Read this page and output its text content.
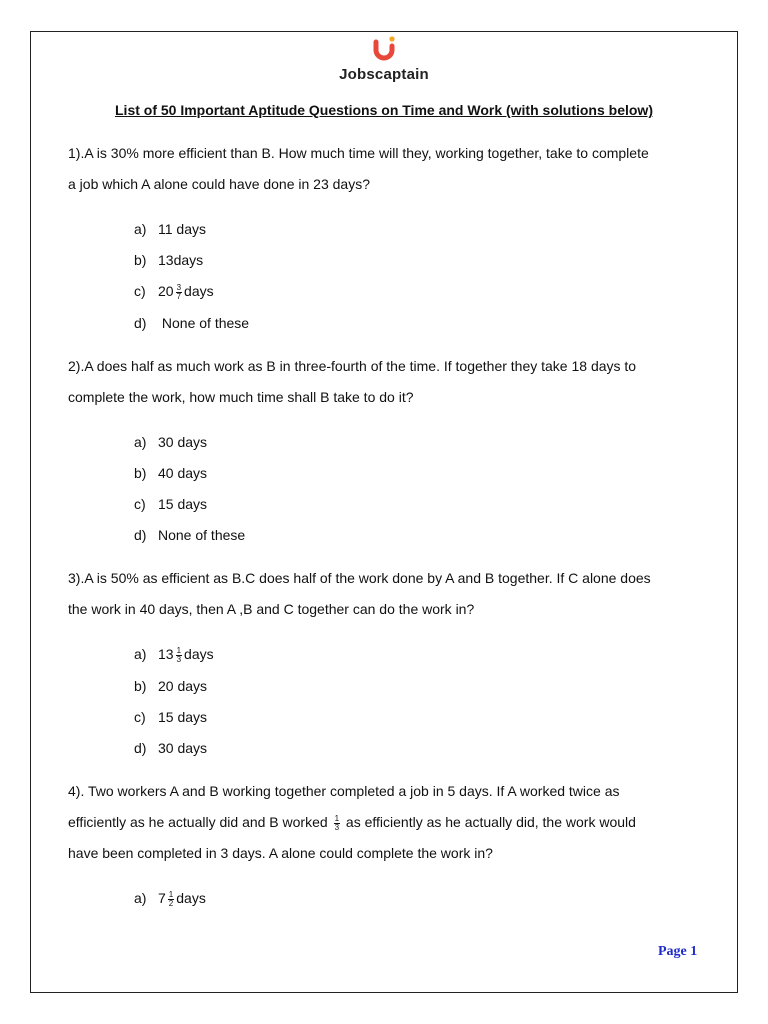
Jobscaptain
List of 50 Important Aptitude Questions on Time and Work (with solutions below)
1).A is 30% more efficient than B. How much time will they, working together, take to complete
a job which A alone could have done in 23 days?
a) 11 days
b) 13days
c) $20 \frac{3}{7}$ days
d) None of these
2).A does half as much work as B in three-fourth of the time. If together they take 18 days to
complete the work, how much time shall B take to do it?
a) 30 days
b) 40 days
c) 15 days
d) None of these
3).A is 50% as efficient as B.C does half of the work done by A and B together. If C alone does
the work in 40 days, then A ,B and C together can do the work in?
a) $13 \frac{1}{3}$ days
b) 20 days
c) 15 days
d) 30 days
4). Two workers A and B working together completed a job in 5 days. If A worked twice as
efficiently as he actually did and B worked $\frac{1}{3}$ as efficiently as he actually did, the work would
have been completed in 3 days. A alone could complete the work in?
a) $7 \frac{1}{2}$ days
Page 1
